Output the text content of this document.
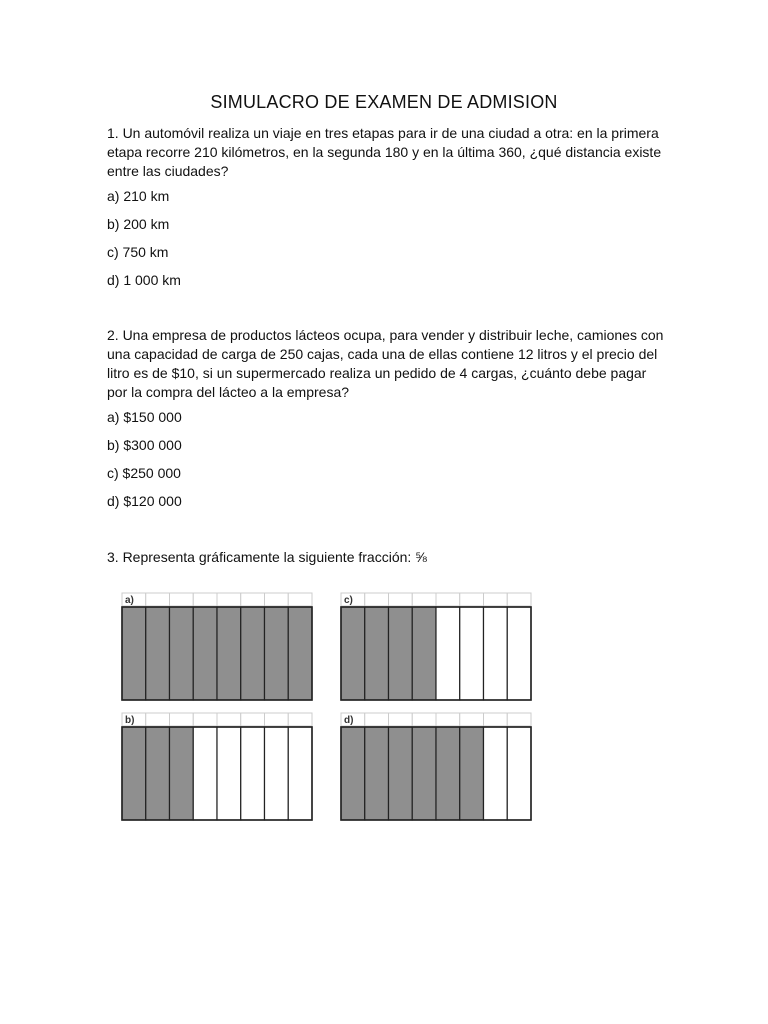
SIMULACRO DE EXAMEN DE ADMISION
1. Un automóvil realiza un viaje en tres etapas para ir de una ciudad a otra: en la primera etapa recorre 210 kilómetros, en la segunda 180 y en la última 360, ¿qué distancia existe entre las ciudades?
a) 210 km
b) 200 km
c) 750 km
d) 1 000 km
2. Una empresa de productos lácteos ocupa, para vender y distribuir leche, camiones con una capacidad de carga de 250 cajas, cada una de ellas contiene 12 litros y el precio del litro es de $10, si un supermercado realiza un pedido de 4 cargas, ¿cuánto debe pagar por la compra del lácteo a la empresa?
a) $150 000
b) $300 000
c) $250 000
d) $120 000
3. Representa gráficamente la siguiente fracción: ⅝
a)	c)
b)	d)
